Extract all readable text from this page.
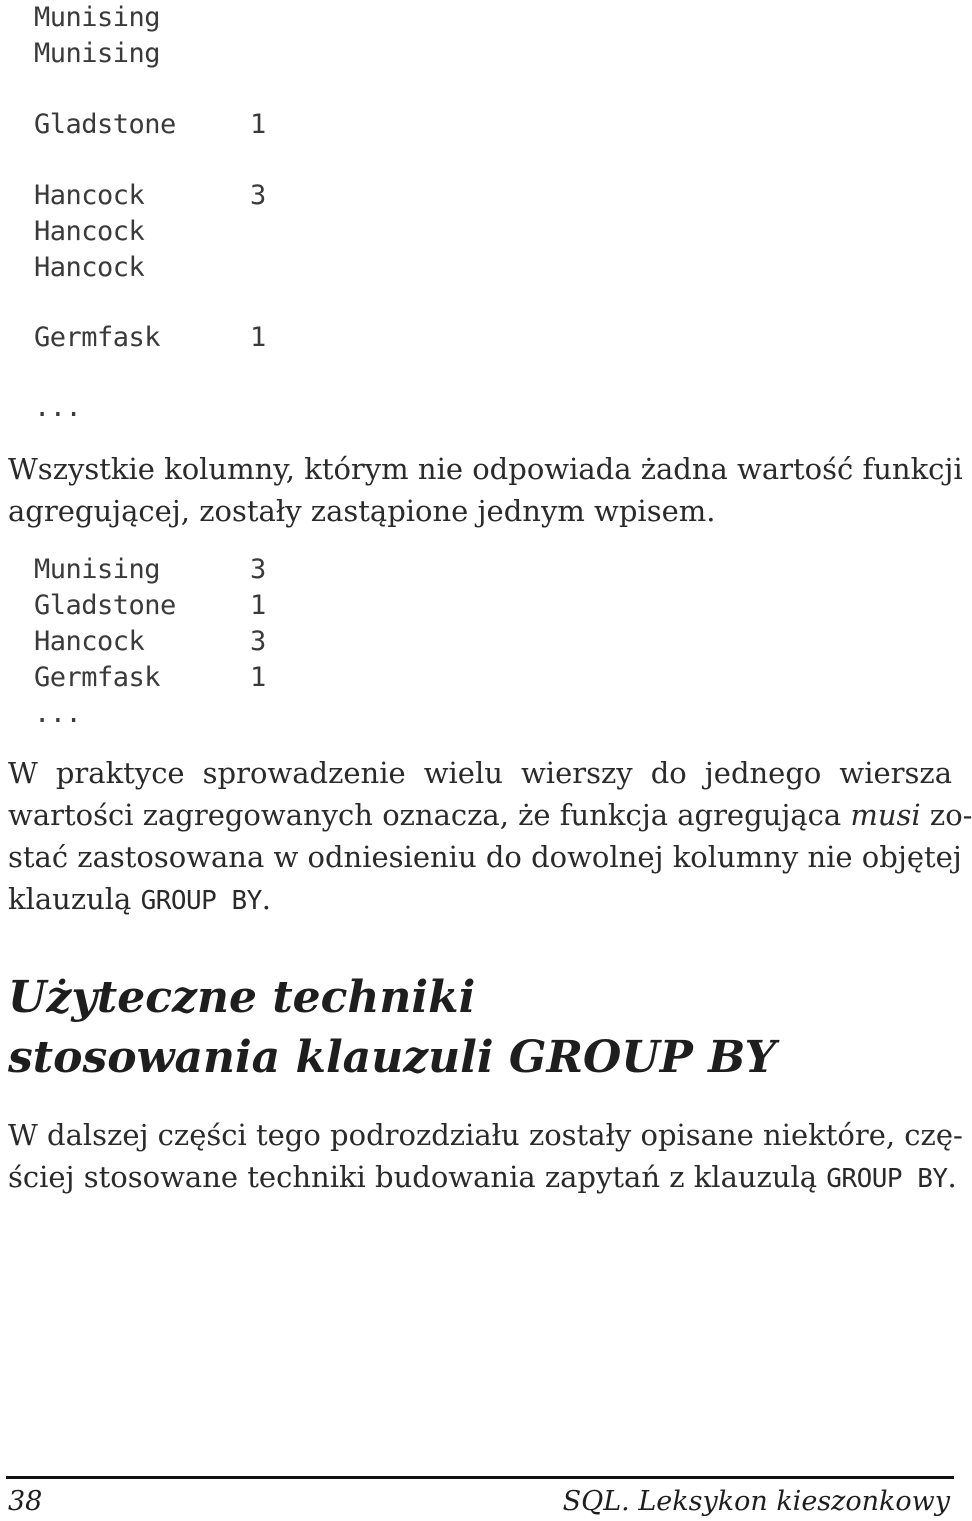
Munising
Munising
Gladstone	1
Hancock	3
Hancock
Hancock
Germfask	1
...

Wszystkie kolumny, którym nie odpowiada żadna wartość funkcji
agregującej, zostały zastąpione jednym wpisem.

Munising	3
Gladstone	1
Hancock	3
Germfask	1
...

W praktyce sprowadzenie wielu wierszy do jednego wiersza
wartości zagregowanych oznacza, że funkcja agregująca musi zo-
stać zastosowana w odniesieniu do dowolnej kolumny nie objętej
klauzulą GROUP BY.

Użyteczne techniki
stosowania klauzuli GROUP BY

W dalszej części tego podrozdziału zostały opisane niektóre, czę-
ściej stosowane techniki budowania zapytań z klauzulą GROUP BY.

38	SQL. Leksykon kieszonkowy
